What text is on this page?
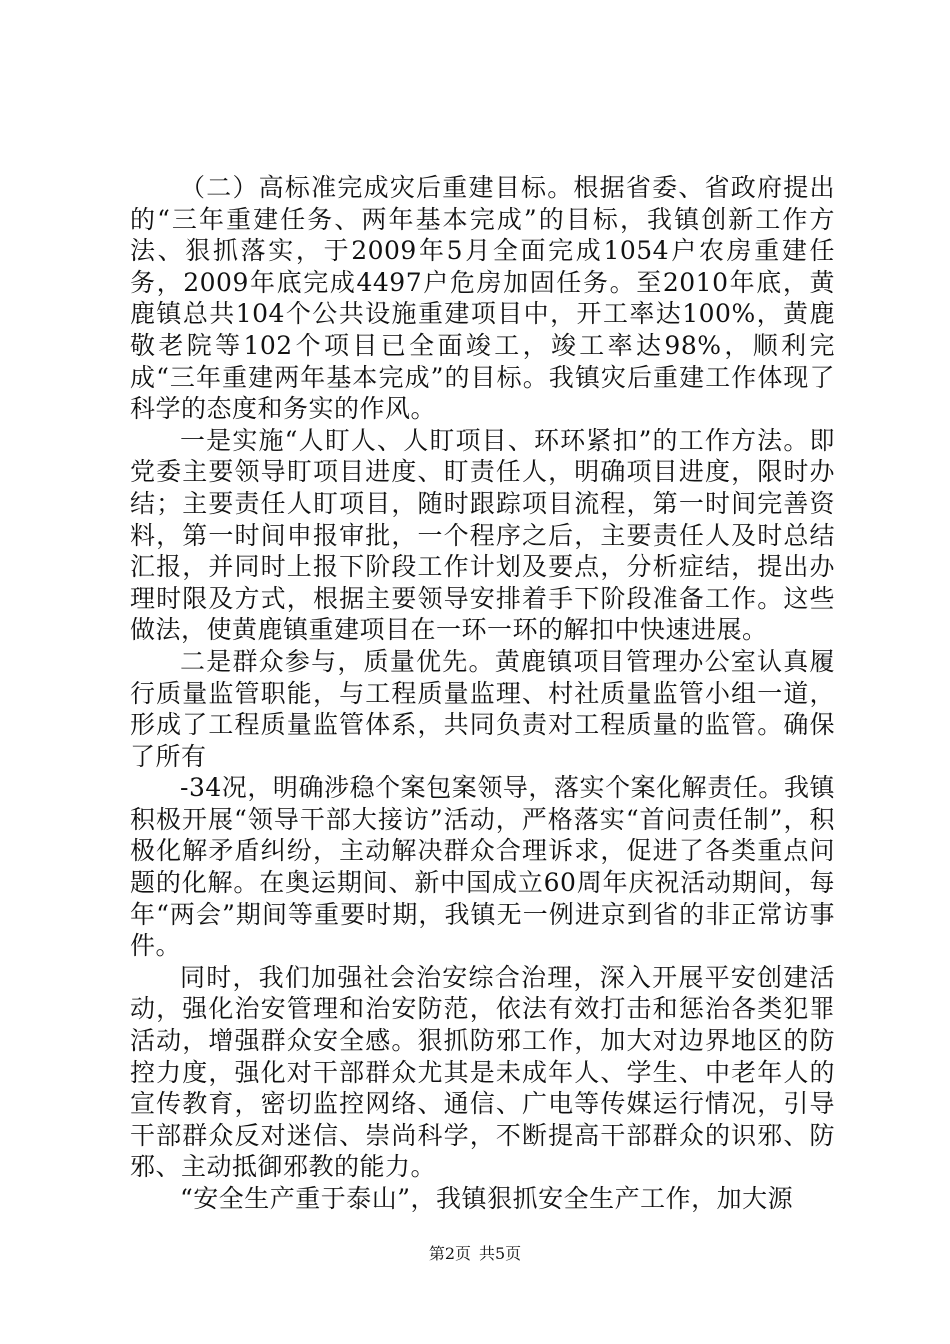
（二）高标准完成灾后重建目标。根据省委、省政府提出的“三年重建任务、两年基本完成”的目标，我镇创新工作方法、狠抓落实，于2009年5月全面完成1054户农房重建任务，2009年底完成4497户危房加固任务。至2010年底，黄鹿镇总共104个公共设施重建项目中，开工率达100%，黄鹿敬老院等102个项目已全面竣工，竣工率达98%，顺利完成“三年重建两年基本完成”的目标。我镇灾后重建工作体现了科学的态度和务实的作风。

一是实施“人盯人、人盯项目、环环紧扣”的工作方法。即党委主要领导盯项目进度、盯责任人，明确项目进度，限时办结；主要责任人盯项目，随时跟踪项目流程，第一时间完善资料，第一时间申报审批，一个程序之后，主要责任人及时总结汇报，并同时上报下阶段工作计划及要点，分析症结，提出办理时限及方式，根据主要领导安排着手下阶段准备工作。这些做法，使黄鹿镇重建项目在一环一环的解扣中快速进展。

二是群众参与，质量优先。黄鹿镇项目管理办公室认真履行质量监管职能，与工程质量监理、村社质量监管小组一道，形成了工程质量监管体系，共同负责对工程质量的监管。确保了所有

-34况，明确涉稳个案包案领导，落实个案化解责任。我镇积极开展“领导干部大接访”活动，严格落实“首问责任制”，积极化解矛盾纠纷，主动解决群众合理诉求，促进了各类重点问题的化解。在奥运期间、新中国成立60周年庆祝活动期间，每年“两会”期间等重要时期，我镇无一例进京到省的非正常访事件。

同时，我们加强社会治安综合治理，深入开展平安创建活动，强化治安管理和治安防范，依法有效打击和惩治各类犯罪活动，增强群众安全感。狠抓防邪工作，加大对边界地区的防控力度，强化对干部群众尤其是未成年人、学生、中老年人的宣传教育，密切监控网络、通信、广电等传媒运行情况，引导干部群众反对迷信、崇尚科学，不断提高干部群众的识邪、防邪、主动抵御邪教的能力。

“安全生产重于泰山”，我镇狠抓安全生产工作，加大源

第2页 共5页
